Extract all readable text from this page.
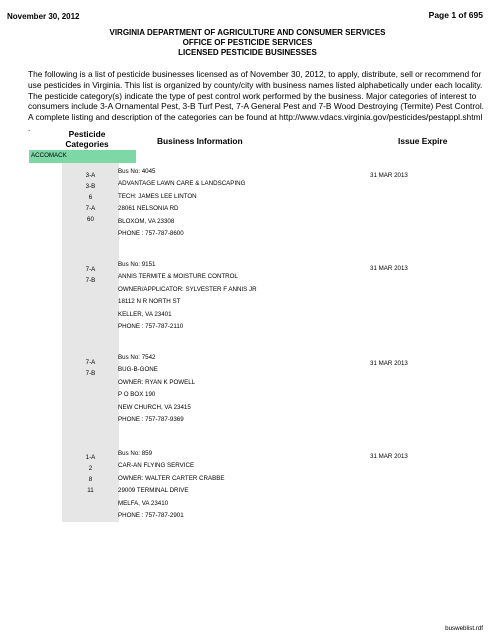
November 30, 2012	Page 1 of 695
VIRGINIA DEPARTMENT OF AGRICULTURE AND CONSUMER SERVICES
OFFICE OF PESTICIDE SERVICES
LICENSED PESTICIDE BUSINESSES
The following is a list of pesticide businesses licensed as of November 30, 2012, to apply, distribute, sell or recommend for use pesticides in Virginia. This list is organized by county/city with business names listed alphabetically under each locality. The pesticide category(s) indicate the type of pest control work performed by the business. Major categories of interest to consumers include 3-A Ornamental Pest, 3-B Turf Pest, 7-A General Pest and 7-B Wood Destroying (Termite) Pest Control. A complete listing and description of the categories can be found at http://www.vdacs.virginia.gov/pesticides/pestappl.shtml .
Pesticide
Categories	Business Information	Issue Expire
ACCOMACK
3-A
3-B
6
7-A
60
Bus No: 4045
ADVANTAGE LAWN CARE & LANDSCAPING
TECH: JAMES LEE LINTON
28061 NELSONIA RD
BLOXOM, VA 23308
PHONE : 757-787-8600
31 MAR 2013
7-A
7-B
Bus No: 9151
ANNIS TERMITE & MOISTURE CONTROL
OWNER/APPLICATOR: SYLVESTER F ANNIS JR
18112 N R NORTH ST
KELLER, VA 23401
PHONE : 757-787-2110
31 MAR 2013
7-A
7-B
Bus No: 7542
BUG-B-GONE
OWNER: RYAN K POWELL
P O BOX 190
NEW CHURCH, VA 23415
PHONE : 757-787-9369
31 MAR 2013
1-A
2
8
11
Bus No: 859
CAR-AN FLYING SERVICE
OWNER: WALTER CARTER CRABBE
29009 TERMINAL DRIVE
MELFA, VA 23410
PHONE : 757-787-2901
31 MAR 2013
busweblist.rdf
